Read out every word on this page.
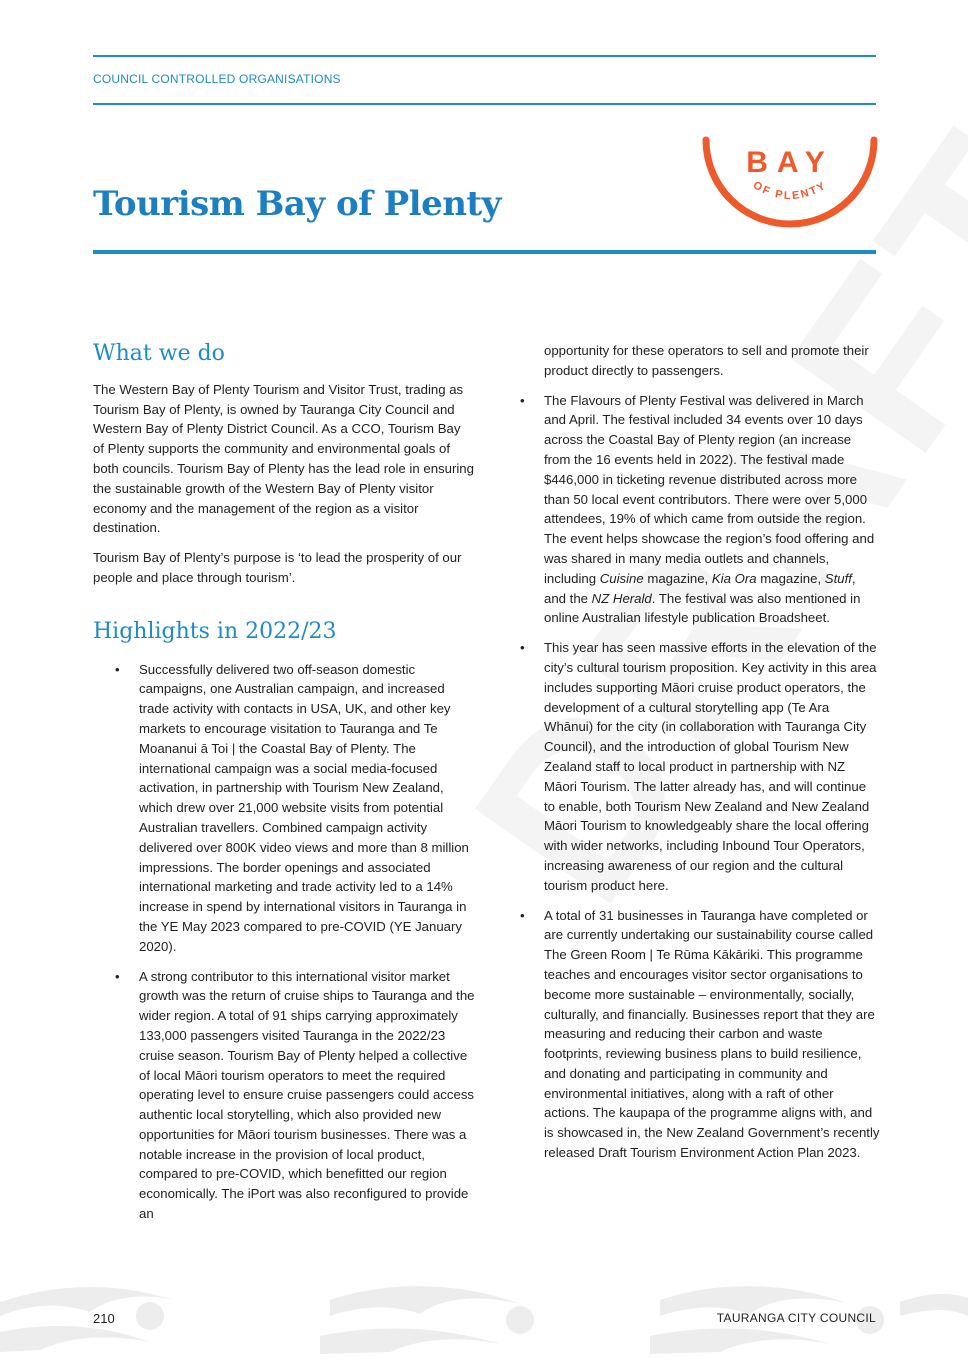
COUNCIL CONTROLLED ORGANISATIONS
Tourism Bay of Plenty
BAY
OF PLENTY
What we do

The Western Bay of Plenty Tourism and Visitor Trust, trading as Tourism Bay of Plenty, is owned by Tauranga City Council and Western Bay of Plenty District Council. As a CCO, Tourism Bay of Plenty supports the community and environmental goals of both councils. Tourism Bay of Plenty has the lead role in ensuring the sustainable growth of the Western Bay of Plenty visitor economy and the management of the region as a visitor destination.

Tourism Bay of Plenty’s purpose is ‘to lead the prosperity of our people and place through tourism’.

Highlights in 2022/23
• Successfully delivered two off-season domestic campaigns, one Australian campaign, and increased trade activity with contacts in USA, UK, and other key markets to encourage visitation to Tauranga and Te Moananui ā Toi | the Coastal Bay of Plenty. The international campaign was a social media-focused activation, in partnership with Tourism New Zealand, which drew over 21,000 website visits from potential Australian travellers. Combined campaign activity delivered over 800K video views and more than 8 million impressions. The border openings and associated international marketing and trade activity led to a 14% increase in spend by international visitors in Tauranga in the YE May 2023 compared to pre-COVID (YE January 2020).
• A strong contributor to this international visitor market growth was the return of cruise ships to Tauranga and the wider region. A total of 91 ships carrying approximately 133,000 passengers visited Tauranga in the 2022/23 cruise season. Tourism Bay of Plenty helped a collective of local Māori tourism operators to meet the required operating level to ensure cruise passengers could access authentic local storytelling, which also provided new opportunities for Māori tourism businesses. There was a notable increase in the provision of local product, compared to pre-COVID, which benefitted our region economically. The iPort was also reconfigured to provide an
opportunity for these operators to sell and promote their product directly to passengers.
• The Flavours of Plenty Festival was delivered in March and April. The festival included 34 events over 10 days across the Coastal Bay of Plenty region (an increase from the 16 events held in 2022). The festival made $446,000 in ticketing revenue distributed across more than 50 local event contributors. There were over 5,000 attendees, 19% of which came from outside the region. The event helps showcase the region’s food offering and was shared in many media outlets and channels, including Cuisine magazine, Kia Ora magazine, Stuff, and the NZ Herald. The festival was also mentioned in online Australian lifestyle publication Broadsheet.
• This year has seen massive efforts in the elevation of the city’s cultural tourism proposition. Key activity in this area includes supporting Māori cruise product operators, the development of a cultural storytelling app (Te Ara Whānui) for the city (in collaboration with Tauranga City Council), and the introduction of global Tourism New Zealand staff to local product in partnership with NZ Māori Tourism. The latter already has, and will continue to enable, both Tourism New Zealand and New Zealand Māori Tourism to knowledgeably share the local offering with wider networks, including Inbound Tour Operators, increasing awareness of our region and the cultural tourism product here.
• A total of 31 businesses in Tauranga have completed or are currently undertaking our sustainability course called The Green Room | Te Rūma Kākāriki. This programme teaches and encourages visitor sector organisations to become more sustainable – environmentally, socially, culturally, and financially. Businesses report that they are measuring and reducing their carbon and waste footprints, reviewing business plans to build resilience, and donating and participating in community and environmental initiatives, along with a raft of other actions. The kaupapa of the programme aligns with, and is showcased in, the New Zealand Government’s recently released Draft Tourism Environment Action Plan 2023.
210	TAURANGA CITY COUNCIL
